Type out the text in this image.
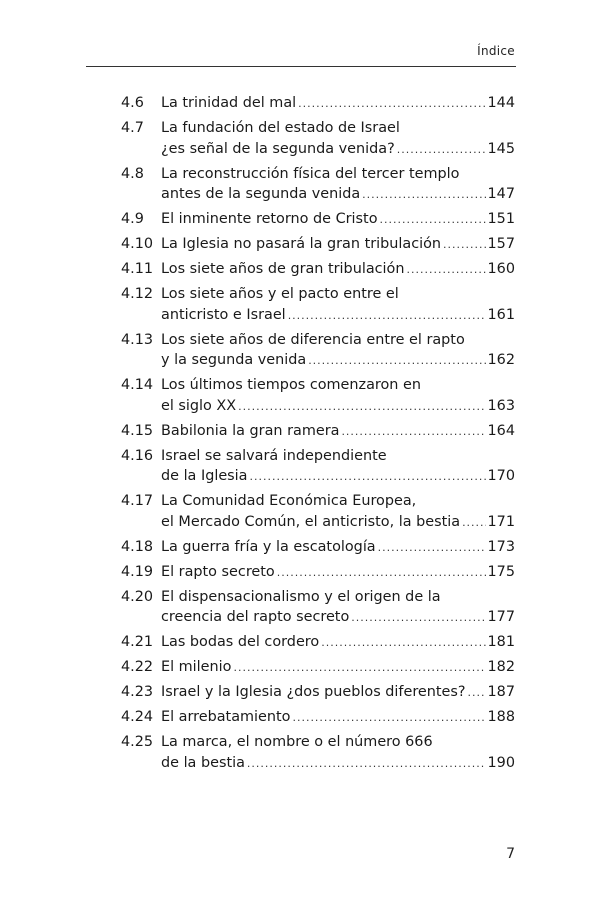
Índice
4.6	La trinidad del mal .....	144
4.7	La fundación del estado de Israel
¿es señal de la segunda venida? .....	145
4.8	La reconstrucción física del tercer templo
antes de la segunda venida .....	147
4.9	El inminente retorno de Cristo .....	151
4.10 La Iglesia no pasará la gran tribulación .....	157
4.11 Los siete años de gran tribulación .....	160
4.12 Los siete años y el pacto entre el
anticristo e Israel .....	161
4.13 Los siete años de diferencia entre el rapto
y la segunda venida .....	162
4.14 Los últimos tiempos comenzaron en
el siglo XX .....	163
4.15 Babilonia la gran ramera .....	164
4.16 Israel se salvará independiente
de la Iglesia .....	170
4.17 La Comunidad Económica Europea,
el Mercado Común, el anticristo, la bestia ..... 171
4.18 La guerra fría y la escatología .....	173
4.19 El rapto secreto .....	175
4.20 El dispensacionalismo y el origen de la
creencia del rapto secreto .....	177
4.21 Las bodas del cordero .....	181
4.22 El milenio .....	182
4.23 Israel y la Iglesia ¿dos pueblos diferentes? ..... 187
4.24 El arrebatamiento .....	188
4.25 La marca, el nombre o el número 666
de la bestia .....	190
7
